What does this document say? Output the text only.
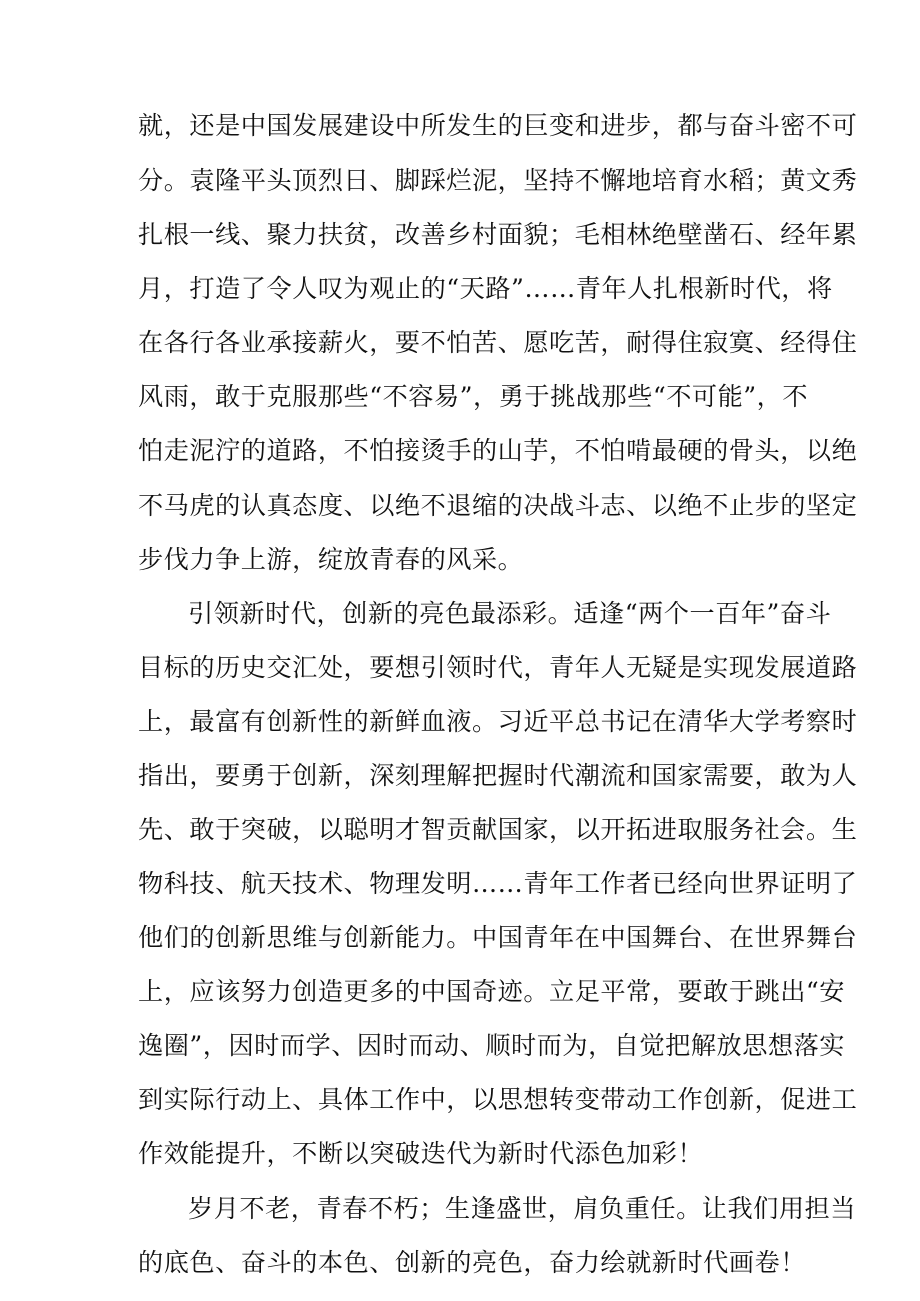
就，还是中国发展建设中所发生的巨变和进步，都与奋斗密不可
分。袁隆平头顶烈日、脚踩烂泥，坚持不懈地培育水稻；黄文秀
扎根一线、聚力扶贫，改善乡村面貌；毛相林绝壁凿石、经年累
月，打造了令人叹为观止的“天路”……青年人扎根新时代，将
在各行各业承接薪火，要不怕苦、愿吃苦，耐得住寂寞、经得住
风雨，敢于克服那些“不容易”，勇于挑战那些“不可能”，不
怕走泥泞的道路，不怕接烫手的山芋，不怕啃最硬的骨头，以绝
不马虎的认真态度、以绝不退缩的决战斗志、以绝不止步的坚定
步伐力争上游，绽放青春的风采。
引领新时代，创新的亮色最添彩。适逢“两个一百年”奋斗
目标的历史交汇处，要想引领时代，青年人无疑是实现发展道路
上，最富有创新性的新鲜血液。习近平总书记在清华大学考察时
指出，要勇于创新，深刻理解把握时代潮流和国家需要，敢为人
先、敢于突破，以聪明才智贡献国家，以开拓进取服务社会。生
物科技、航天技术、物理发明……青年工作者已经向世界证明了
他们的创新思维与创新能力。中国青年在中国舞台、在世界舞台
上，应该努力创造更多的中国奇迹。立足平常，要敢于跳出“安
逸圈”，因时而学、因时而动、顺时而为，自觉把解放思想落实
到实际行动上、具体工作中，以思想转变带动工作创新，促进工
作效能提升，不断以突破迭代为新时代添色加彩！
岁月不老，青春不朽；生逢盛世，肩负重任。让我们用担当
的底色、奋斗的本色、创新的亮色，奋力绘就新时代画卷！
